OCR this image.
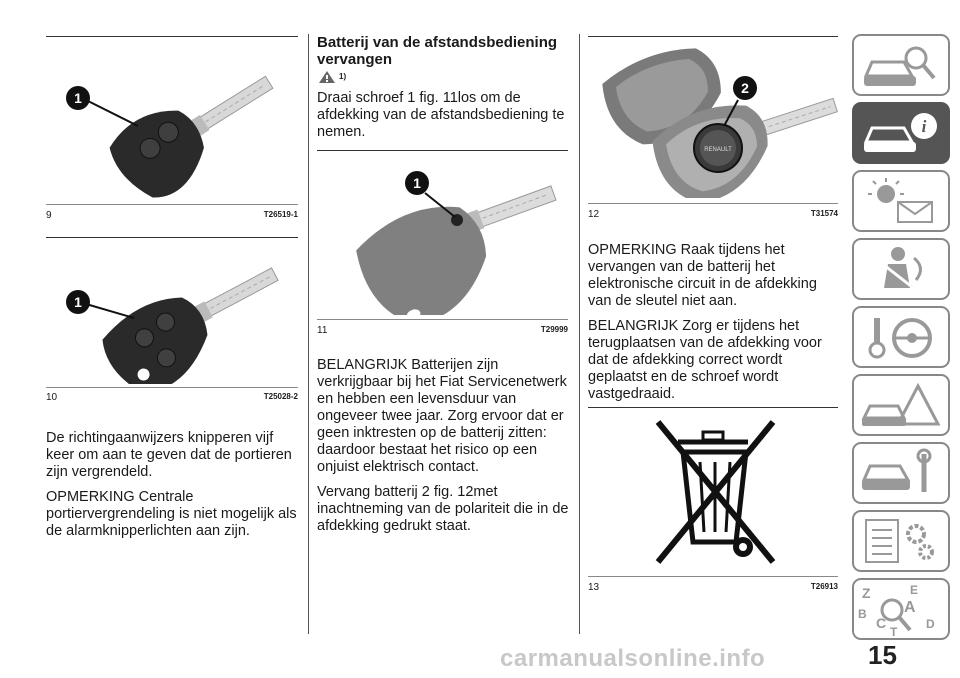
1
9	T26519-1
1
10	T25028-2

De richtingaanwijzers knipperen vijf keer om aan te geven dat de portieren zijn vergrendeld.

OPMERKING Centrale portiervergrendeling is niet mogelijk als de alarmknipperlichten aan zijn.

Batterij van de afstandsbediening vervangen
1)

Draai schroef 1 fig. 11los om de afdekking van de afstandsbediening te nemen.

1
11	T29999

BELANGRIJK Batterijen zijn verkrijgbaar bij het Fiat Servicenetwerk en hebben een levensduur van ongeveer twee jaar. Zorg ervoor dat er geen inktresten op de batterij zitten: daardoor bestaat het risico op een onjuist elektrisch contact.

Vervang batterij 2 fig. 12met inachtneming van de polariteit die in de afdekking gedrukt staat.

RENAULT
2
12	T31574

OPMERKING Raak tijdens het vervangen van de batterij het elektronische circuit in de afdekking van de sleutel niet aan.

BELANGRIJK Zorg er tijdens het terugplaatsen van de afdekking voor dat de afdekking correct wordt geplaatst en de schroef wordt vastgedraaid.

13	T26913
i
Z	E
A
B
C
T
D
carmanualsonline.info	15
